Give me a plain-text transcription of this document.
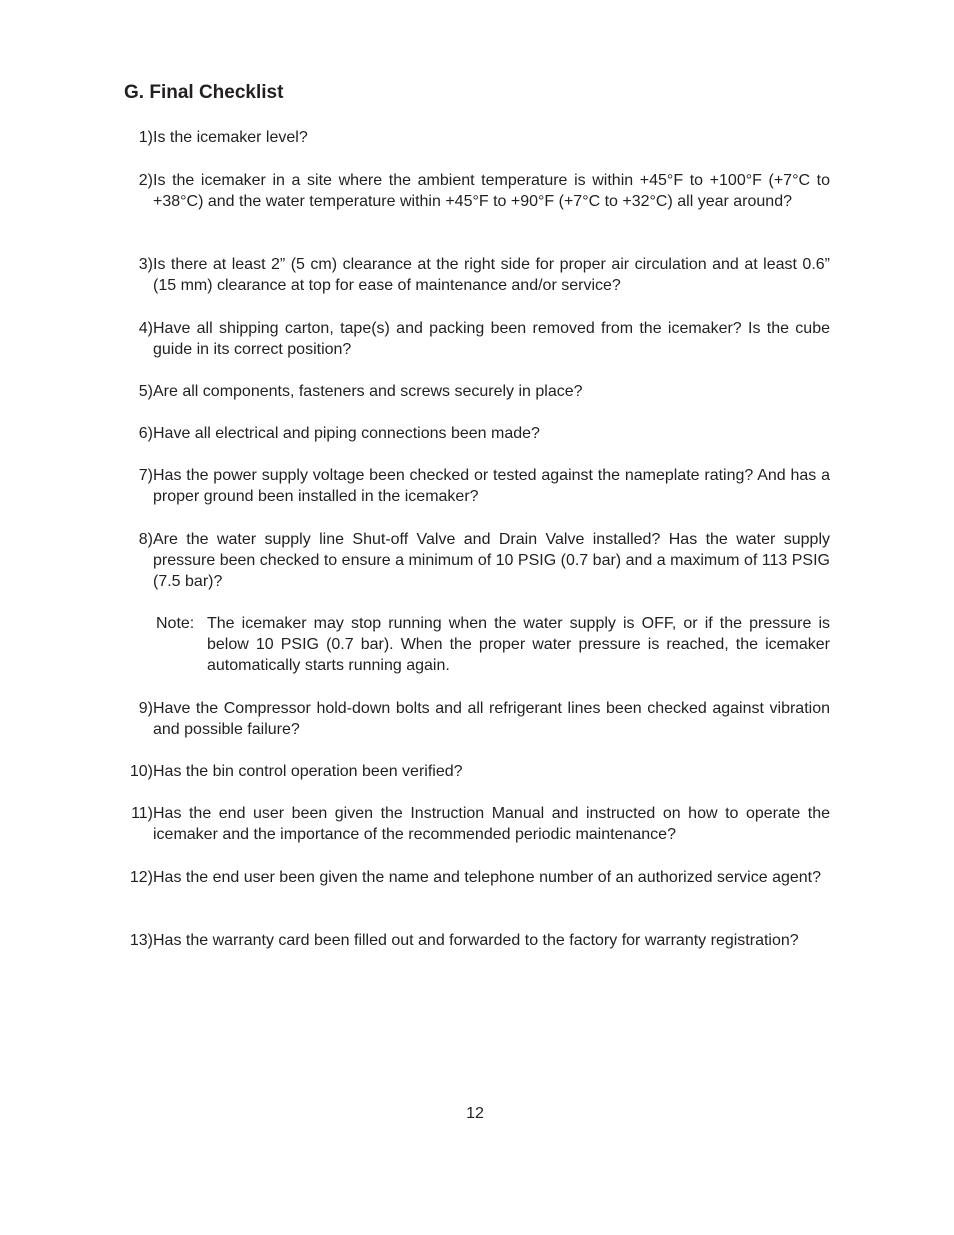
G. Final Checklist
1) Is the icemaker level?
2) Is the icemaker in a site where the ambient temperature is within +45°F to +100°F (+7°C to +38°C) and the water temperature within +45°F to +90°F (+7°C to +32°C) all year around?
3) Is there at least 2” (5 cm) clearance at the right side for proper air circulation and at least 0.6” (15 mm) clearance at top for ease of maintenance and/or service?
4) Have all shipping carton, tape(s) and packing been removed from the icemaker? Is the cube guide in its correct position?
5) Are all components, fasteners and screws securely in place?
6) Have all electrical and piping connections been made?
7) Has the power supply voltage been checked or tested against the nameplate rating? And has a proper ground been installed in the icemaker?
8) Are the water supply line Shut-off Valve and Drain Valve installed? Has the water supply pressure been checked to ensure a minimum of 10 PSIG (0.7 bar) and a maximum of 113 PSIG (7.5 bar)?
Note: The icemaker may stop running when the water supply is OFF, or if the pressure is below 10 PSIG (0.7 bar). When the proper water pressure is reached, the icemaker automatically starts running again.
9) Have the Compressor hold-down bolts and all refrigerant lines been checked against vibration and possible failure?
10) Has the bin control operation been verified?
11) Has the end user been given the Instruction Manual and instructed on how to operate the icemaker and the importance of the recommended periodic maintenance?
12) Has the end user been given the name and telephone number of an authorized service agent?
13) Has the warranty card been filled out and forwarded to the factory for warranty registration?
12
